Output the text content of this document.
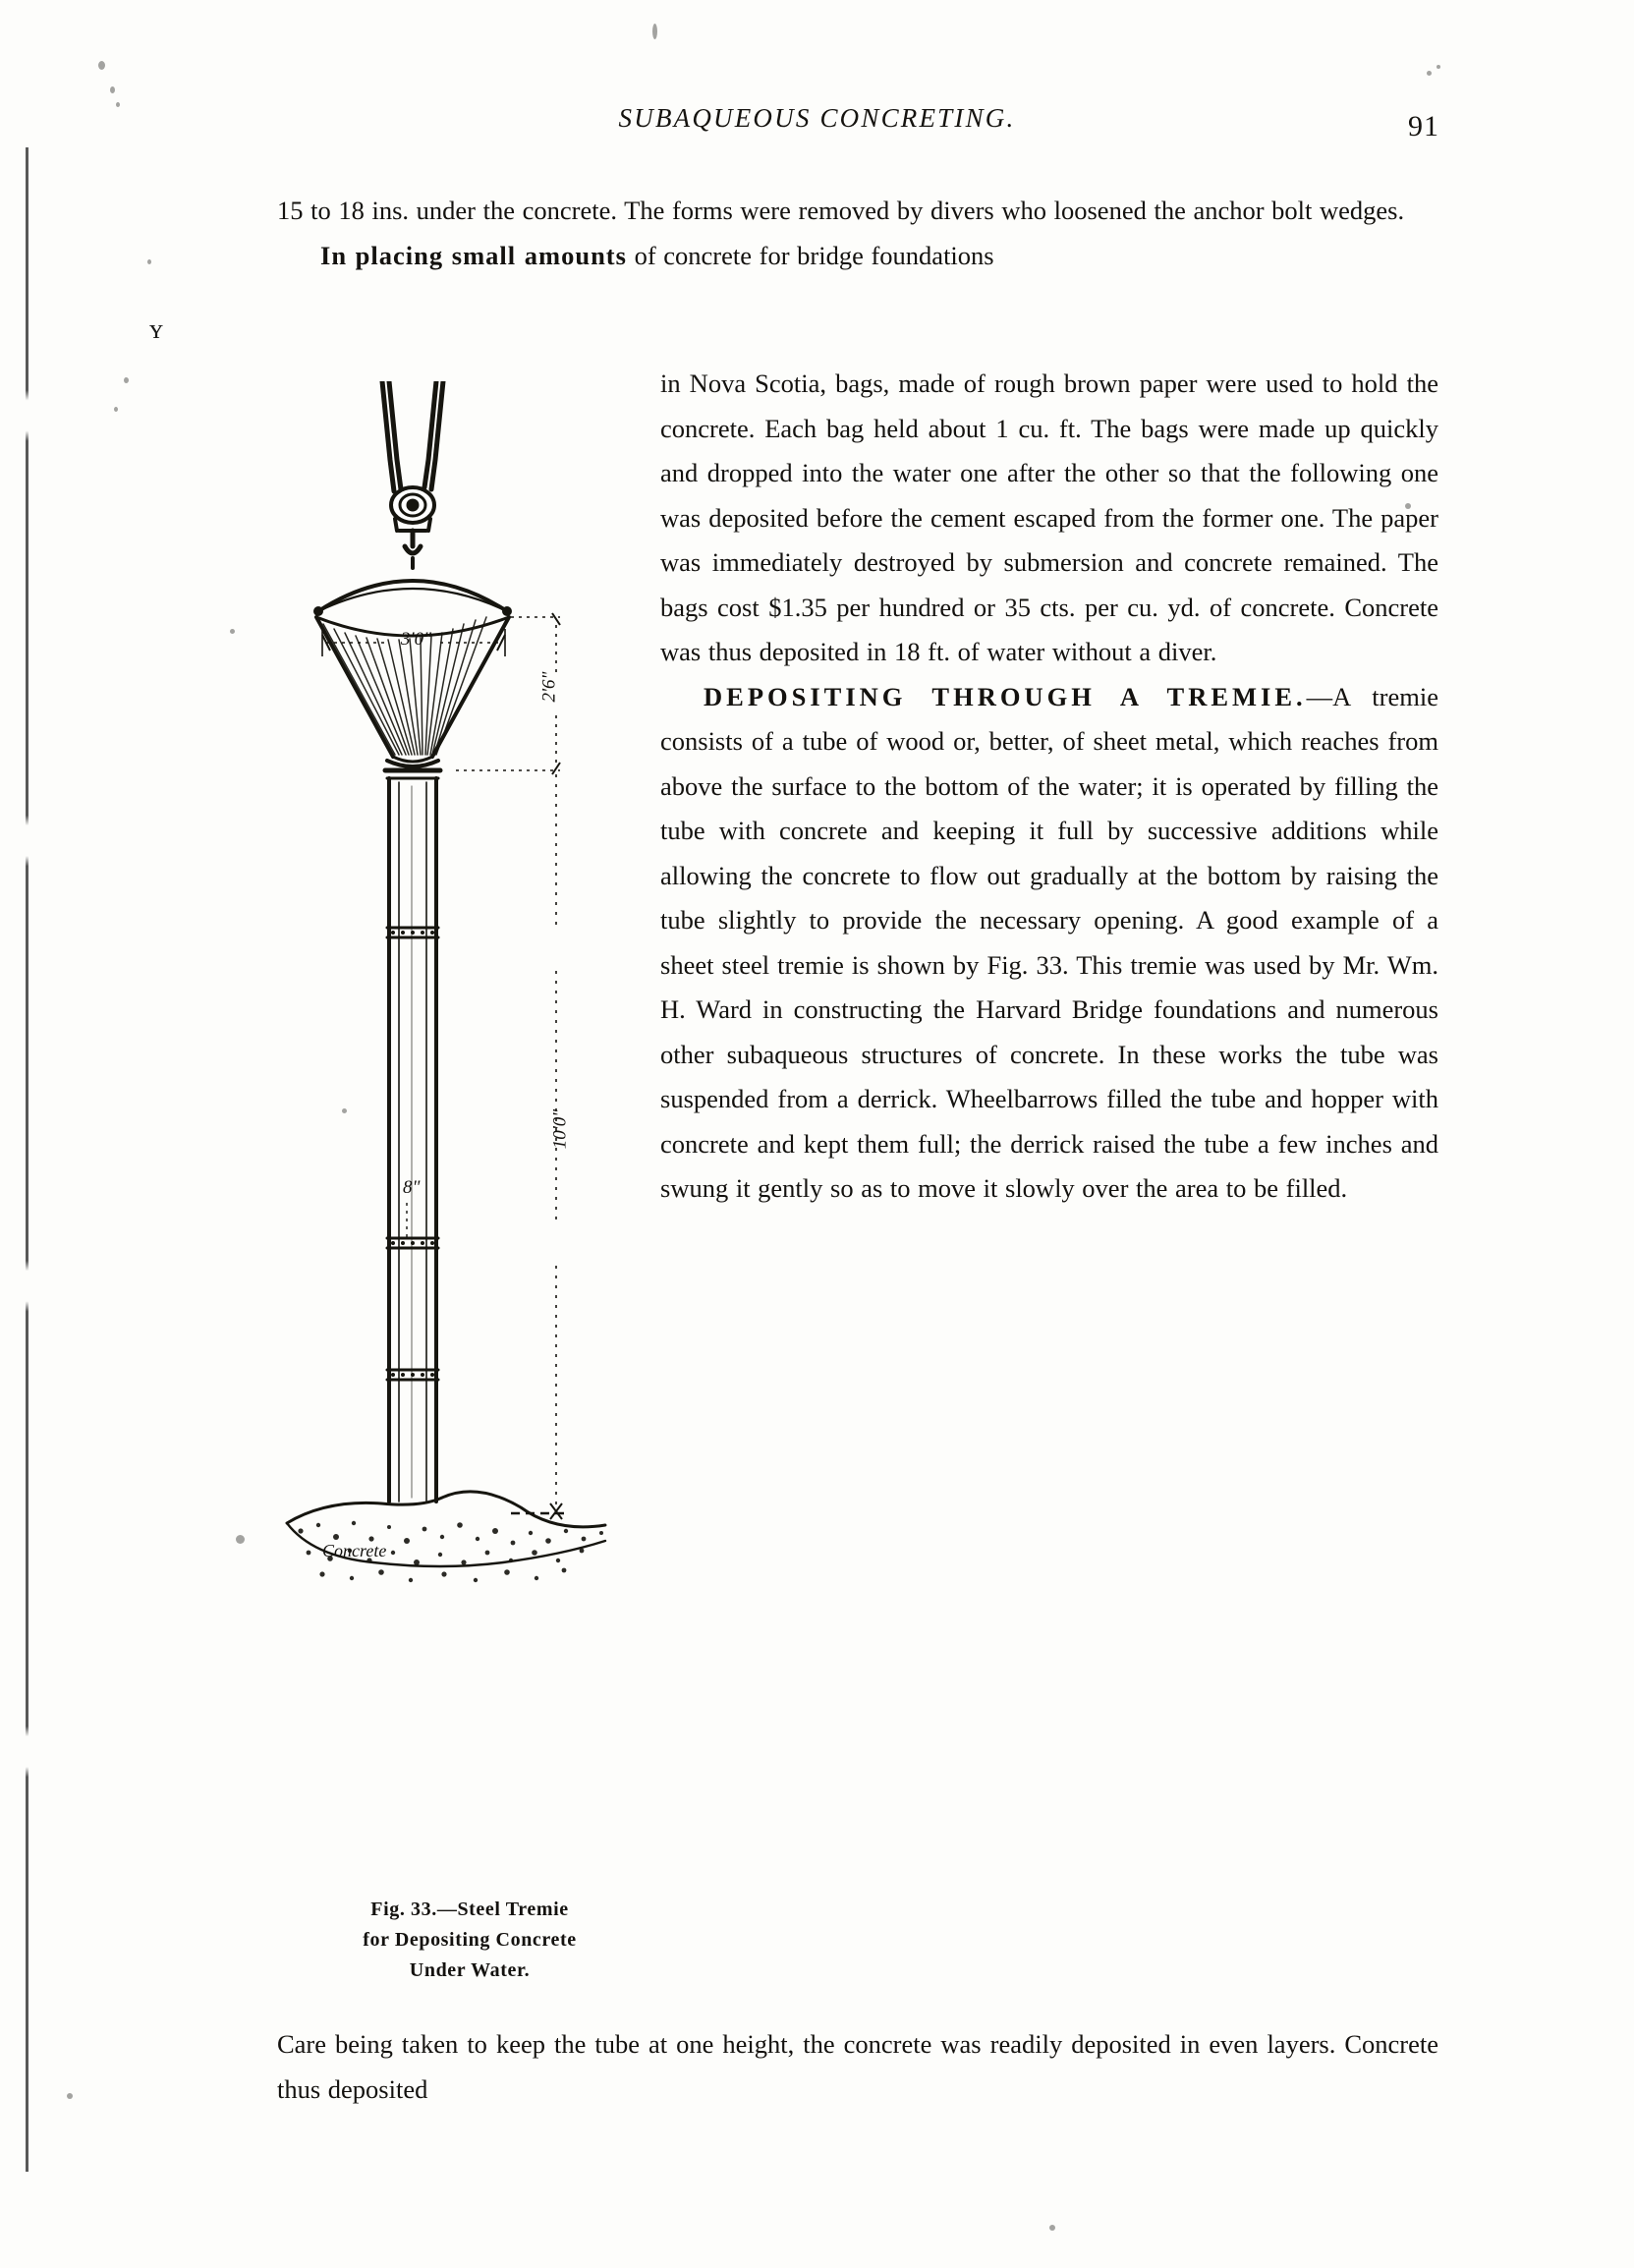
ʏ
SUBAQUEOUS CONCRETING.	91

15 to 18 ins. under the concrete. The forms were removed by divers who loosened the anchor bolt wedges.

In placing small amounts of concrete for bridge foundations

in Nova Scotia, bags, made of rough brown paper were used to hold the concrete. Each bag held about 1 cu. ft. The bags were made up quickly and dropped into the water one after the other so that the following one was deposited before the cement escaped from the former one. The paper was immediately destroyed by submersion and concrete remained. The bags cost $1.35 per hundred or 35 cts. per cu. yd. of concrete. Concrete was thus deposited in 18 ft. of water without a diver.

DEPOSITING THROUGH A TREMIE.—A tremie consists of a tube of wood or, better, of sheet metal, which reaches from above the surface to the bottom of the water; it is operated by filling the tube with concrete and keeping it full by successive additions while allowing the concrete to flow out gradually at the bottom by raising the tube slightly to provide the necessary opening. A good example of a sheet steel tremie is shown by Fig. 33. This tremie was used by Mr. Wm. H. Ward in constructing the Harvard Bridge foundations and numerous other subaqueous structures of concrete. In these works the tube was suspended from a derrick. Wheelbarrows filled the tube and hopper with concrete and kept them full; the derrick raised the tube a few inches and swung it gently so as to move it slowly over the area to be filled.

Care being taken to keep the tube at one height, the concrete was readily deposited in even layers. Concrete thus deposited

Fig. 33.—Steel Tremie
for Depositing Concrete
Under Water.
3'0"
2'6"
10'0"
8"
Concrete
